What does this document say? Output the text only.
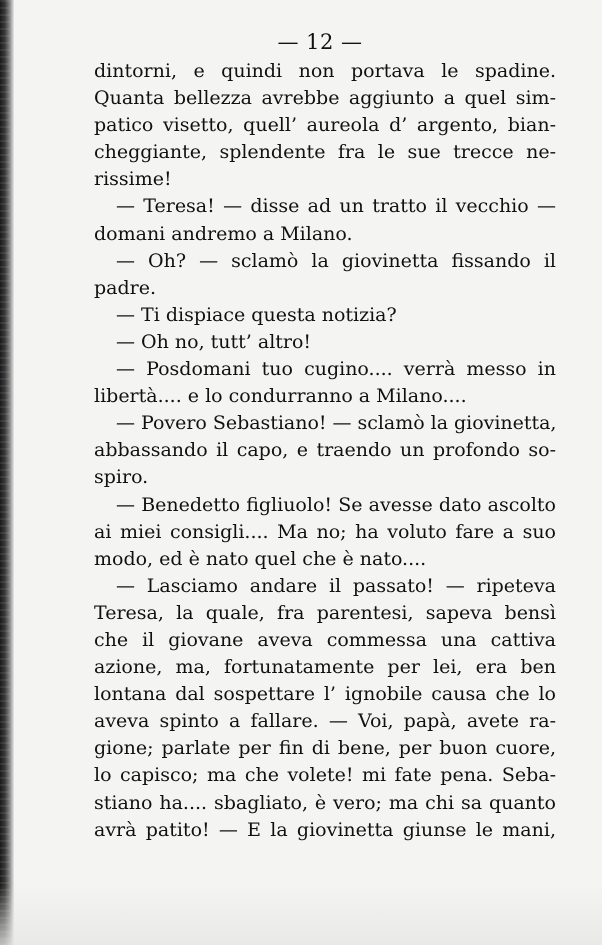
— 12 —
dintorni, e quindi non portava le spadine.
Quanta bellezza avrebbe aggiunto a quel sim-
patico visetto, quell’ aureola d’ argento, bian-
cheggiante, splendente fra le sue trecce ne-
rissime!
— Teresa! — disse ad un tratto il vecchio —
domani andremo a Milano.
— Oh? — sclamò la giovinetta fissando il
padre.
— Ti dispiace questa notizia?
— Oh no, tutt’ altro!
— Posdomani tuo cugino.... verrà messo in
libertà.... e lo condurranno a Milano....
— Povero Sebastiano! — sclamò la giovinetta,
abbassando il capo, e traendo un profondo so-
spiro.
— Benedetto figliuolo! Se avesse dato ascolto
ai miei consigli.... Ma no; ha voluto fare a suo
modo, ed è nato quel che è nato....
— Lasciamo andare il passato! — ripeteva
Teresa, la quale, fra parentesi, sapeva bensì
che il giovane aveva commessa una cattiva
azione, ma, fortunatamente per lei, era ben
lontana dal sospettare l’ ignobile causa che lo
aveva spinto a fallare. — Voi, papà, avete ra-
gione; parlate per fin di bene, per buon cuore,
lo capisco; ma che volete! mi fate pena. Seba-
stiano ha.... sbagliato, è vero; ma chi sa quanto
avrà patito! — E la giovinetta giunse le mani,
